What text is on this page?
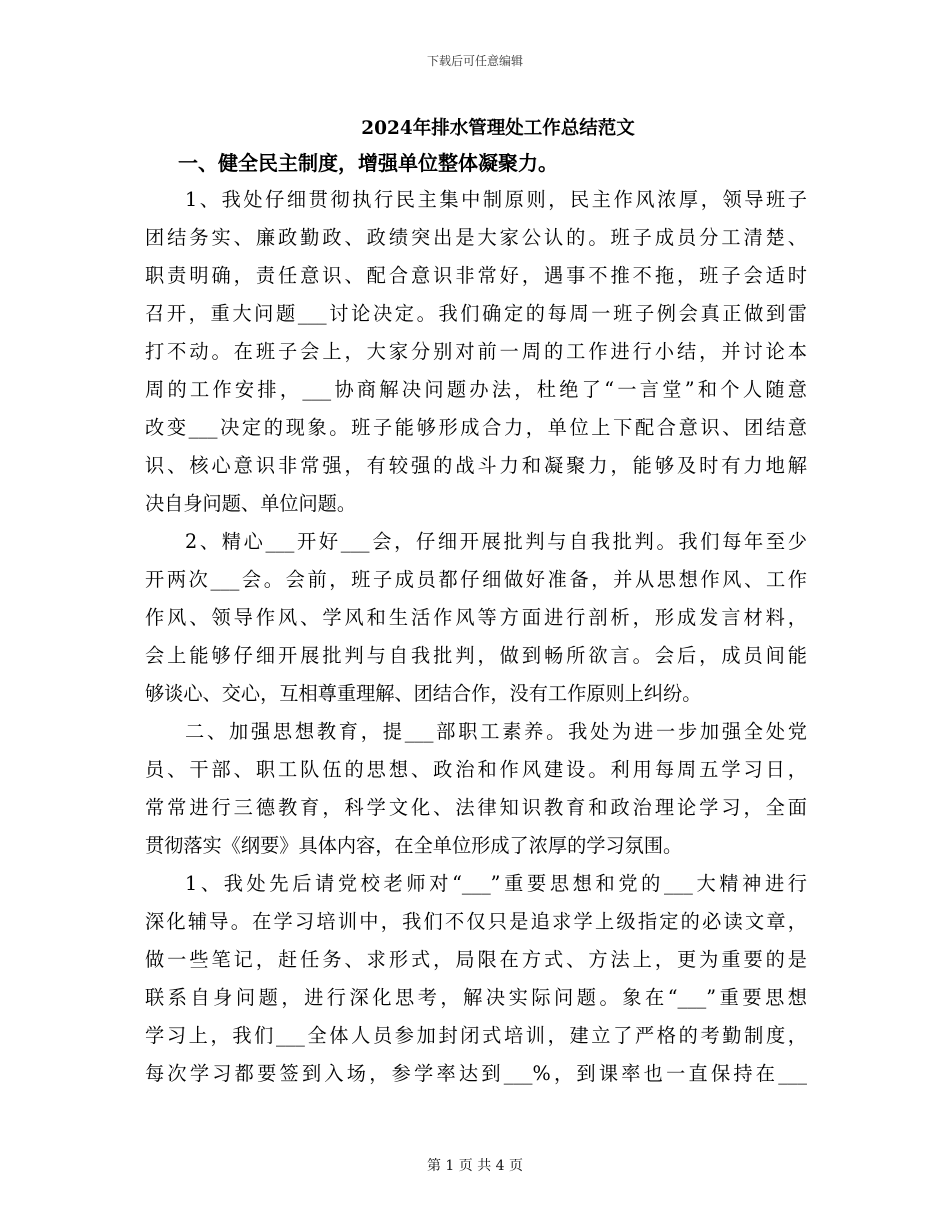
下载后可任意编辑
2024年排水管理处工作总结范文
一、健全民主制度，增强单位整体凝聚力。
1、我处仔细贯彻执行民主集中制原则，民主作风浓厚，领导班子
团结务实、廉政勤政、政绩突出是大家公认的。班子成员分工清楚、
职责明确，责任意识、配合意识非常好，遇事不推不拖，班子会适时
召开，重大问题___讨论决定。我们确定的每周一班子例会真正做到雷
打不动。在班子会上，大家分别对前一周的工作进行小结，并讨论本
周的工作安排，___协商解决问题办法，杜绝了“一言堂”和个人随意
改变___决定的现象。班子能够形成合力，单位上下配合意识、团结意
识、核心意识非常强，有较强的战斗力和凝聚力，能够及时有力地解
决自身问题、单位问题。
2、精心___开好___会，仔细开展批判与自我批判。我们每年至少
开两次___会。会前，班子成员都仔细做好准备，并从思想作风、工作
作风、领导作风、学风和生活作风等方面进行剖析，形成发言材料，
会上能够仔细开展批判与自我批判，做到畅所欲言。会后，成员间能
够谈心、交心，互相尊重理解、团结合作，没有工作原则上纠纷。
二、加强思想教育，提___部职工素养。我处为进一步加强全处党
员、干部、职工队伍的思想、政治和作风建设。利用每周五学习日，
常常进行三德教育，科学文化、法律知识教育和政治理论学习，全面
贯彻落实《纲要》具体内容，在全单位形成了浓厚的学习氛围。
1、我处先后请党校老师对“___”重要思想和党的___大精神进行
深化辅导。在学习培训中，我们不仅只是追求学上级指定的必读文章，
做一些笔记，赶任务、求形式，局限在方式、方法上，更为重要的是
联系自身问题，进行深化思考，解决实际问题。象在“___”重要思想
学习上，我们___全体人员参加封闭式培训，建立了严格的考勤制度，
每次学习都要签到入场，参学率达到___%，到课率也一直保持在___
第 1 页 共 4 页
